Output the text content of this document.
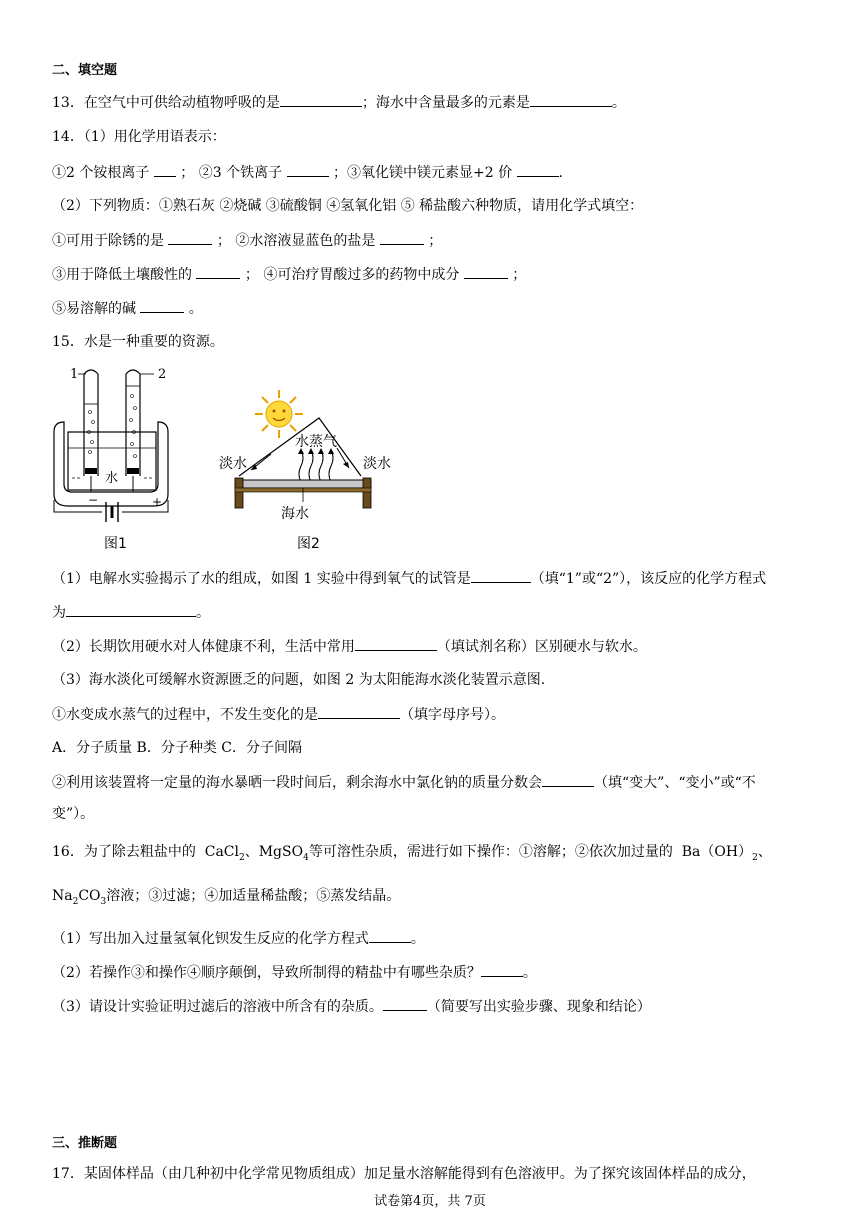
二、填空题
13．在空气中可供给动植物呼吸的是	；海水中含量最多的元素是	。
14．（1）用化学用语表示：
①2 个铵根离子 ； ②3 个铁离子	；③氧化镁中镁元素显+2 价	.
（2）下列物质：①熟石灰 ②烧碱 ③硫酸铜 ④氢氧化铝 ⑤ 稀盐酸六种物质，请用化学式填空：
①可用于除锈的是	； ②水溶液显蓝色的盐是	；
③用于降低土壤酸性的	； ④可治疗胃酸过多的药物中成分	；
⑤易溶解的碱	。
15．水是一种重要的资源。
水
1	2
−	+
图1
水蒸气
淡水	淡水
海水
图2
（1）电解水实验揭示了水的组成，如图 1 实验中得到氧气的试管是	（填“1”或“2”），该反应的化学方程式
为	。
（2）长期饮用硬水对人体健康不利，生活中常用	（填试剂名称）区别硬水与软水。
（3）海水淡化可缓解水资源匮乏的问题，如图 2 为太阳能海水淡化装置示意图.
①水变成水蒸气的过程中，不发生变化的是	（填字母序号）。
A．分子质量 B．分子种类 C．分子间隔
②利用该装置将一定量的海水暴晒一段时间后，剩余海水中氯化钠的质量分数会	（填“变大”、“变小”或“不
变”）。
16．为了除去粗盐中的 CaCl$_2$、MgSO$_4$等可溶性杂质，需进行如下操作：①溶解；②依次加过量的 $Ba(OH)_2$、
$Na_2CO_3$溶液；③过滤；④加适量稀盐酸；⑤蒸发结晶。
（1）写出加入过量氢氧化钡发生反应的化学方程式	。
（2）若操作③和操作④顺序颠倒，导致所制得的精盐中有哪些杂质？	。
（3）请设计实验证明过滤后的溶液中所含有的杂质。	（简要写出实验步骤、现象和结论）
三、推断题
17．某固体样品（由几种初中化学常见物质组成）加足量水溶解能得到有色溶液甲。为了探究该固体样品的成分，
试卷第4页，共 7页
